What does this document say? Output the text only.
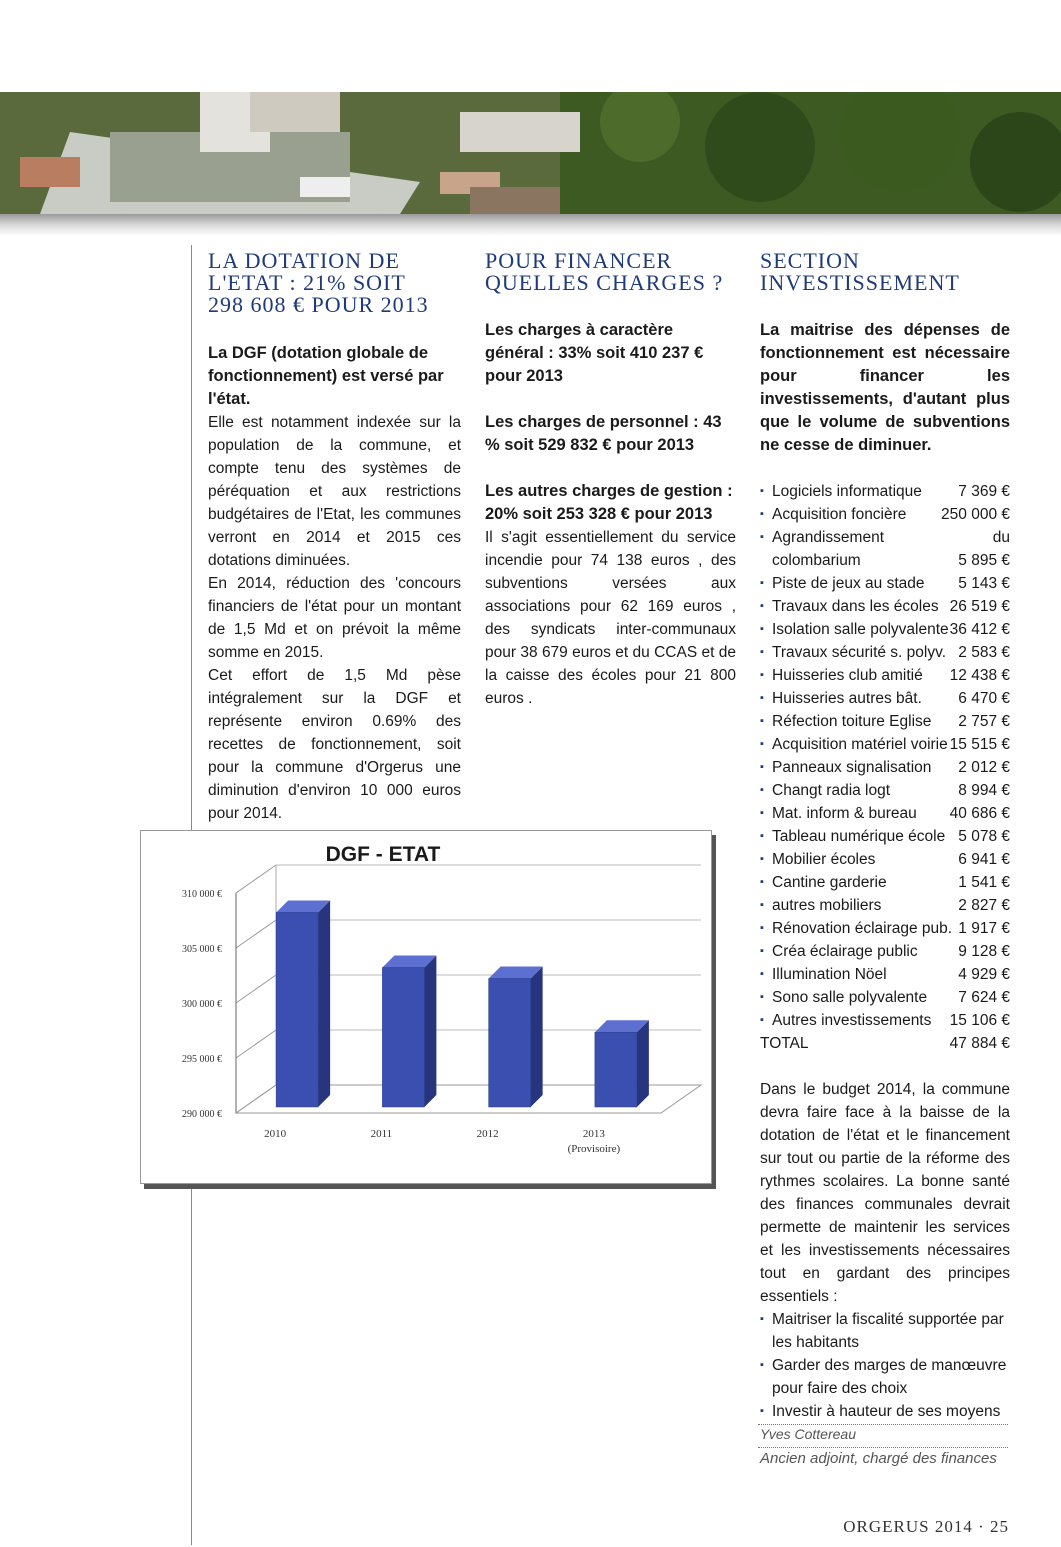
LA DOTATION DE
L'ETAT : 21% SOIT
298 608 € POUR 2013

La DGF (dotation globale de fonctionnement) est versé par l'état.

Elle est notamment indexée sur la population de la commune, et compte tenu des systèmes de péréquation et aux restrictions budgétaires de l'Etat, les communes verront en 2014 et 2015 ces dotations diminuées.

En 2014, réduction des 'concours financiers de l'état pour un montant de 1,5 Md et on prévoit la même somme en 2015.

Cet effort de 1,5 Md pèse intégralement sur la DGF et représente environ 0.69% des recettes de fonctionnement, soit pour la commune d'Orgerus une diminution d'environ 10 000 euros pour 2014.

POUR FINANCER
QUELLES CHARGES ?

Les charges à caractère général : 33% soit 410 237 € pour 2013

Les charges de personnel : 43 % soit 529 832 € pour 2013

Les autres charges de gestion : 20% soit 253 328 € pour 2013

Il s'agit essentiellement du service incendie pour 74 138 euros , des subventions versées aux associations pour 62 169 euros , des syndicats inter-communaux pour 38 679 euros et du CCAS et de la caisse des écoles pour 21 800 euros .

SECTION
INVESTISSEMENT

La maitrise des dépenses de fonctionnement est nécessaire pour financer les investissements, d'autant plus que le volume de subventions ne cesse de diminuer.

▪ Logiciels informatique 7 369 €
▪ Acquisition foncière 250 000 €
▪ Agrandissement	du
colombarium	5 895 €
▪ Piste de jeux au stade 5 143 €
▪ Travaux dans les écoles 26 519 €
▪ Isolation salle polyvalente 36 412 €
▪ Travaux sécurité s. polyv. 2 583 €
▪ Huisseries club amitié 12 438 €
▪ Huisseries autres bât. 6 470 €
▪ Réfection toiture Eglise 2 757 €
▪ Acquisition matériel voirie 15 515 €
▪ Panneaux signalisation 2 012 €
▪ Changt radia logt	8 994 €
▪ Mat. inform & bureau 40 686 €
▪ Tableau numérique école 5 078 €
▪ Mobilier écoles	6 941 €
▪ Cantine garderie	1 541 €
▪ autres mobiliers	2 827 €
▪ Rénovation éclairage pub. 1 917 €
▪ Créa éclairage public	9 128 €
▪ Illumination Nöel	4 929 €
▪ Sono salle polyvalente 7 624 €
▪ Autres investissements 15 106 €
TOTAL	47 884 €

Dans le budget 2014, la commune devra faire face à la baisse de la dotation de l'état et le financement sur tout ou partie de la réforme des rythmes scolaires. La bonne santé des finances communales devrait permette de maintenir les services et les investissements nécessaires tout en gardant des principes essentiels :

▪ Maitriser la fiscalité supportée par les habitants
▪ Garder des marges de manœuvre pour faire des choix
▪ Investir à hauteur de ses moyens
Yves Cottereau
Ancien adjoint, chargé des finances
DGF - ETAT
290 000 €
295 000 €
300 000 €
305 000 €
310 000 €
2010	2011	2012	2013
(Provisoire)
ORGERUS 2014 · 25
